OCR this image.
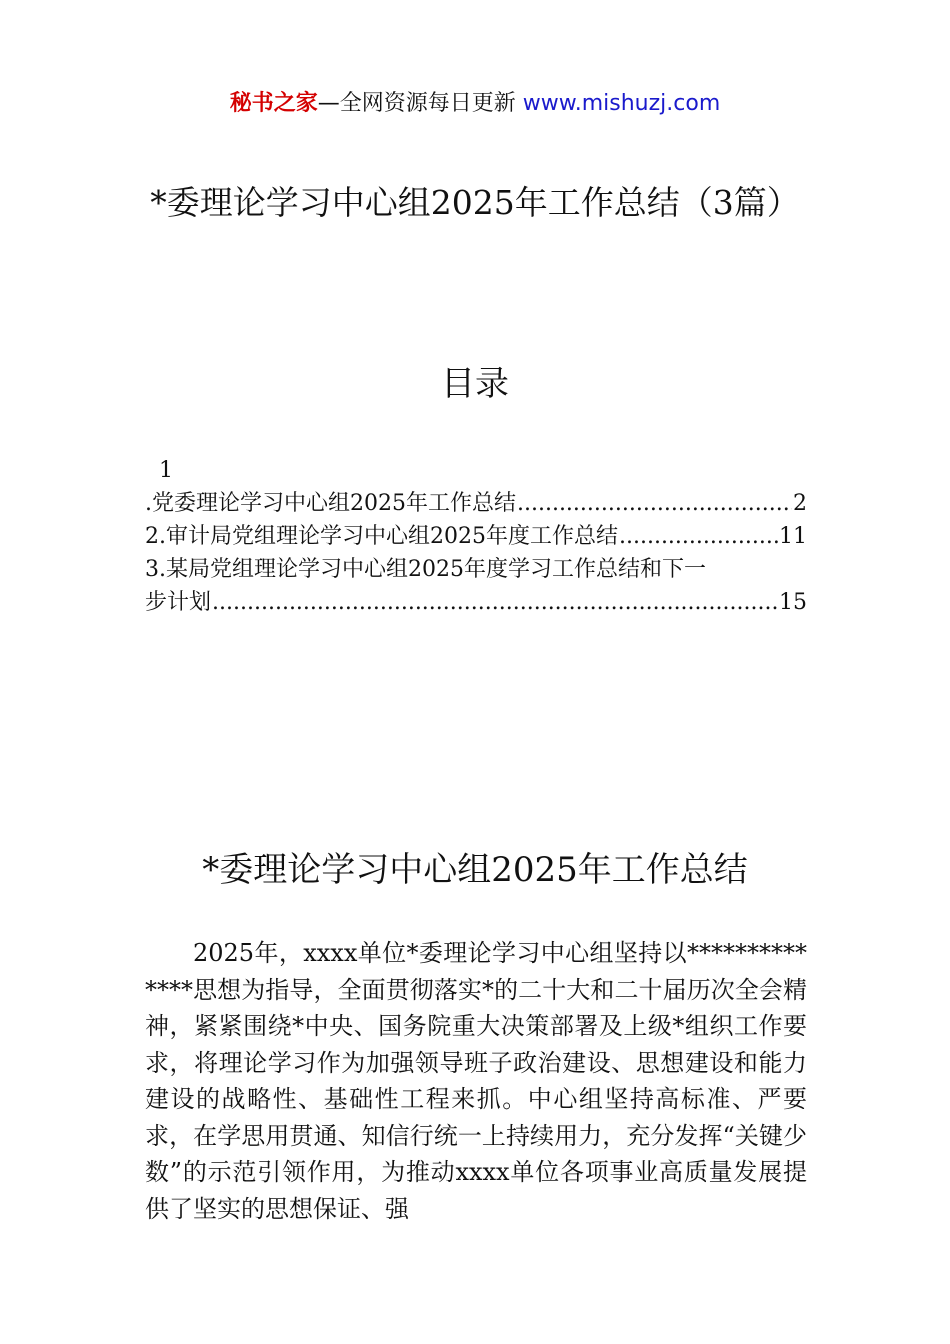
秘书之家—全网资源每日更新 www.mishuzj.com
*委理论学习中心组2025年工作总结（3篇）
目录
1
.党委理论学习中心组2025年工作总结 .....	2
2.审计局党组理论学习中心组2025年度工作总结 .....	11
3.某局党组理论学习中心组2025年度学习工作总结和下一
步计划 .....	15
*委理论学习中心组2025年工作总结
2025年，xxxx单位*委理论学习中心组坚持以**************思想为指导，全面贯彻落实*的二十大和二十届历次全会精神，紧紧围绕*中央、国务院重大决策部署及上级*组织工作要求，将理论学习作为加强领导班子政治建设、思想建设和能力建设的战略性、基础性工程来抓。中心组坚持高标准、严要求，在学思用贯通、知信行统一上持续用力，充分发挥“关键少数”的示范引领作用，为推动xxxx单位各项事业高质量发展提供了坚实的思想保证、强
